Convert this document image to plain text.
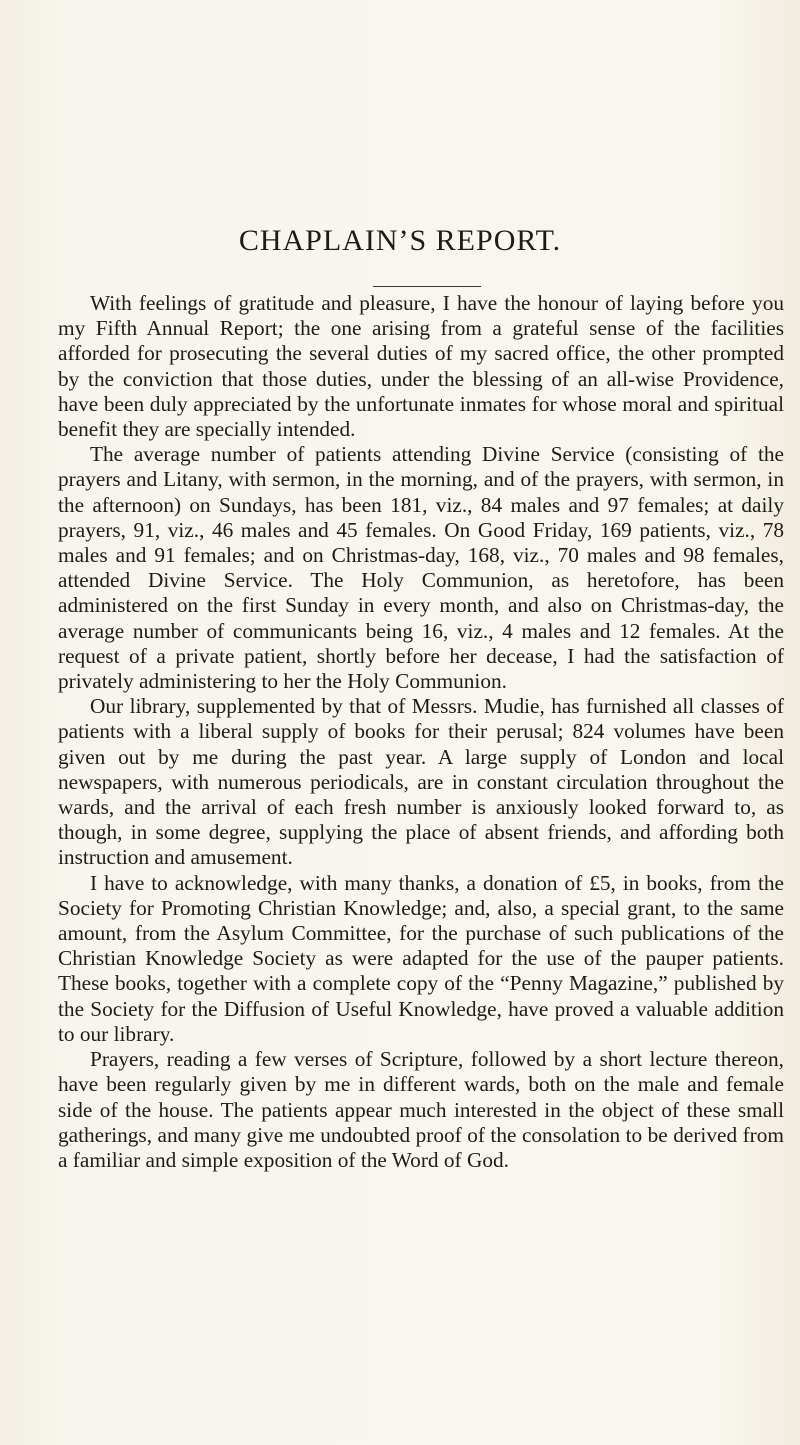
CHAPLAIN’S REPORT.

With feelings of gratitude and pleasure, I have the honour of laying before you my Fifth Annual Report; the one arising from a grateful sense of the facilities afforded for prosecuting the several duties of my sacred office, the other prompted by the conviction that those duties, under the blessing of an all-wise Providence, have been duly appreciated by the unfortunate inmates for whose moral and spiritual benefit they are specially intended.

The average number of patients attending Divine Service (consisting of the prayers and Litany, with sermon, in the morning, and of the prayers, with sermon, in the afternoon) on Sundays, has been 181, viz., 84 males and 97 females; at daily prayers, 91, viz., 46 males and 45 females. On Good Friday, 169 patients, viz., 78 males and 91 females; and on Christmas-day, 168, viz., 70 males and 98 females, attended Divine Service. The Holy Communion, as heretofore, has been administered on the first Sunday in every month, and also on Christmas-day, the average number of communicants being 16, viz., 4 males and 12 females. At the request of a private patient, shortly before her decease, I had the satisfaction of privately administering to her the Holy Communion.

Our library, supplemented by that of Messrs. Mudie, has furnished all classes of patients with a liberal supply of books for their perusal; 824 volumes have been given out by me during the past year. A large supply of London and local newspapers, with numerous periodicals, are in constant circulation throughout the wards, and the arrival of each fresh number is anxiously looked forward to, as though, in some degree, supplying the place of absent friends, and affording both instruction and amusement.

I have to acknowledge, with many thanks, a donation of £5, in books, from the Society for Promoting Christian Knowledge; and, also, a special grant, to the same amount, from the Asylum Committee, for the purchase of such publications of the Christian Knowledge Society as were adapted for the use of the pauper patients. These books, together with a complete copy of the “Penny Magazine,” published by the Society for the Diffusion of Useful Knowledge, have proved a valuable addition to our library.

Prayers, reading a few verses of Scripture, followed by a short lecture thereon, have been regularly given by me in different wards, both on the male and female side of the house. The patients appear much interested in the object of these small gatherings, and many give me undoubted proof of the consolation to be derived from a familiar and simple exposition of the Word of God.
